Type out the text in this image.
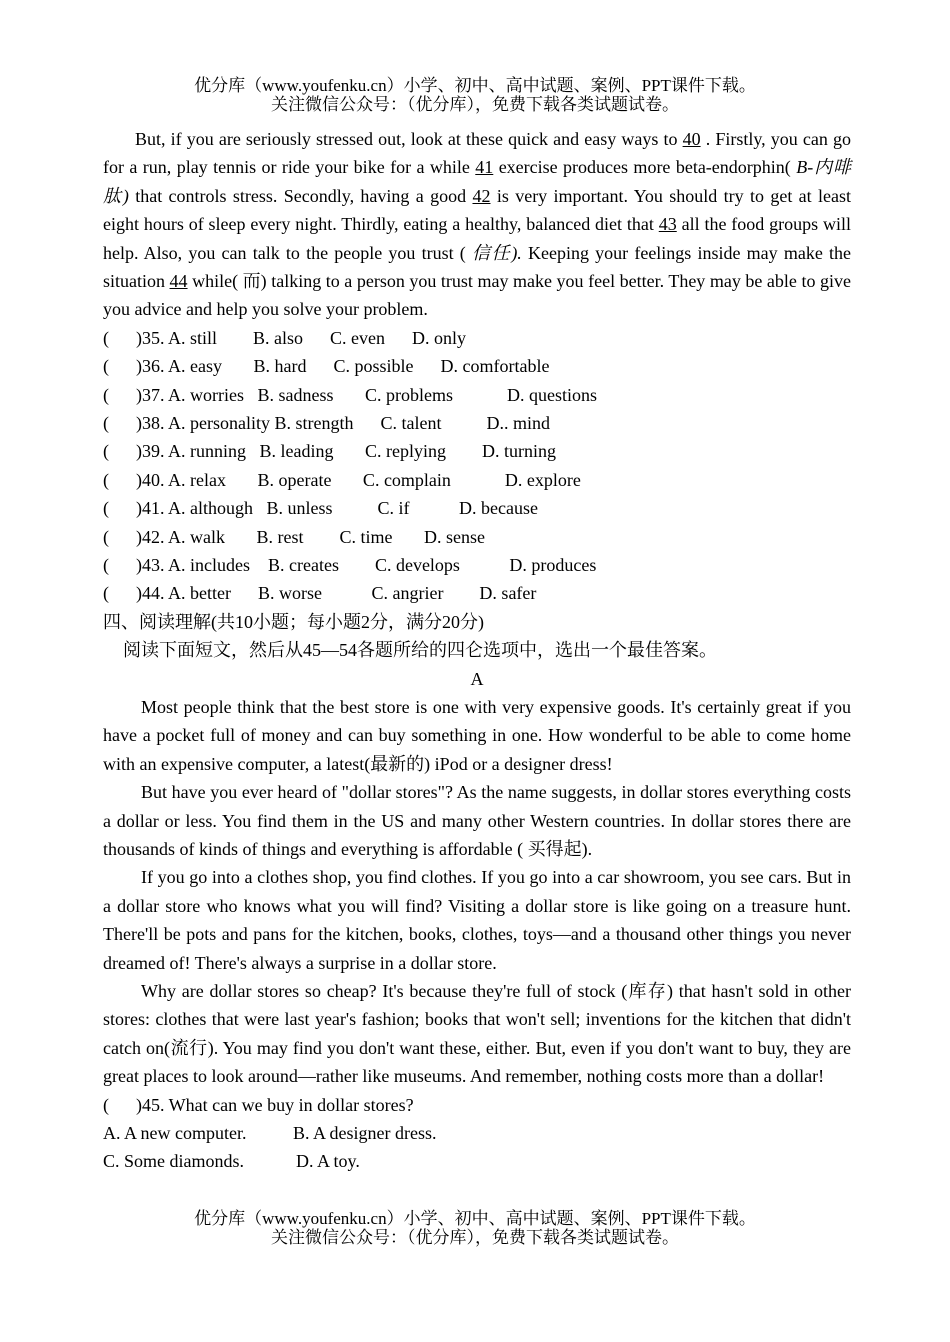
优分库（www.youfenku.cn）小学、初中、高中试题、案例、PPT课件下载。
关注微信公众号：（优分库），免费下载各类试题试卷。

But, if you are seriously stressed out, look at these quick and easy ways to 40 . Firstly, you can go for a run, play tennis or ride your bike for a while 41 exercise produces more beta-endorphin( B-内啡肽) that controls stress. Secondly, having a good 42 is very important. You should try to get at least eight hours of sleep every night. Thirdly, eating a healthy, balanced diet that 43 all the food groups will help. Also, you can talk to the people you trust ( 信任). Keeping your feelings inside may make the situation 44 while( 而) talking to a person you trust may make you feel better. They may be able to give you advice and help you solve your problem.

(      )35. A. still        B. also      C. even      D. only

(      )36. A. easy       B. hard      C. possible      D. comfortable

(      )37. A. worries   B. sadness       C. problems            D. questions

(      )38. A. personality B. strength      C. talent          D.. mind

(      )39. A. running   B. leading       C. replying        D. turning

(      )40. A. relax       B. operate       C. complain            D. explore

(      )41. A. although   B. unless          C. if           D. because

(      )42. A. walk       B. rest        C. time       D. sense

(      )43. A. includes    B. creates        C. develops           D. produces

(      )44. A. better      B. worse           C. angrier        D. safer

四、阅读理解(共10小题；每小题2分，满分20分)

阅读下面短文，然后从45—54各题所给的四仑选项中，选出一个最佳答案。

A

Most people think that the best store is one with very expensive goods. It's certainly great if you have a pocket full of money and can buy something in one. How wonderful to be able to come home with an expensive computer, a latest(最新的) iPod or a designer dress!

But have you ever heard of "dollar stores"? As the name suggests, in dollar stores everything costs a dollar or less. You find them in the US and many other Western countries. In dollar stores there are thousands of kinds of things and everything is affordable ( 买得起).

If you go into a clothes shop, you find clothes. If you go into a car showroom, you see cars. But in a dollar store who knows what you will find? Visiting a dollar store is like going on a treasure hunt. There'll be pots and pans for the kitchen, books, clothes, toys—and a thousand other things you never dreamed of! There's always a surprise in a dollar store.

Why are dollar stores so cheap? It's because they're full of stock (库存) that hasn't sold in other stores: clothes that were last year's fashion; books that won't sell; inventions for the kitchen that didn't catch on(流行). You may find you don't want these, either. But, even if you don't want to buy, they are great places to look around—rather like museums. And remember, nothing costs more than a dollar!

(      )45. What can we buy in dollar stores?

A. A new computer.	B. A designer dress.
C. Some diamonds.	D. A toy.
优分库（www.youfenku.cn）小学、初中、高中试题、案例、PPT课件下载。
关注微信公众号：（优分库），免费下载各类试题试卷。
